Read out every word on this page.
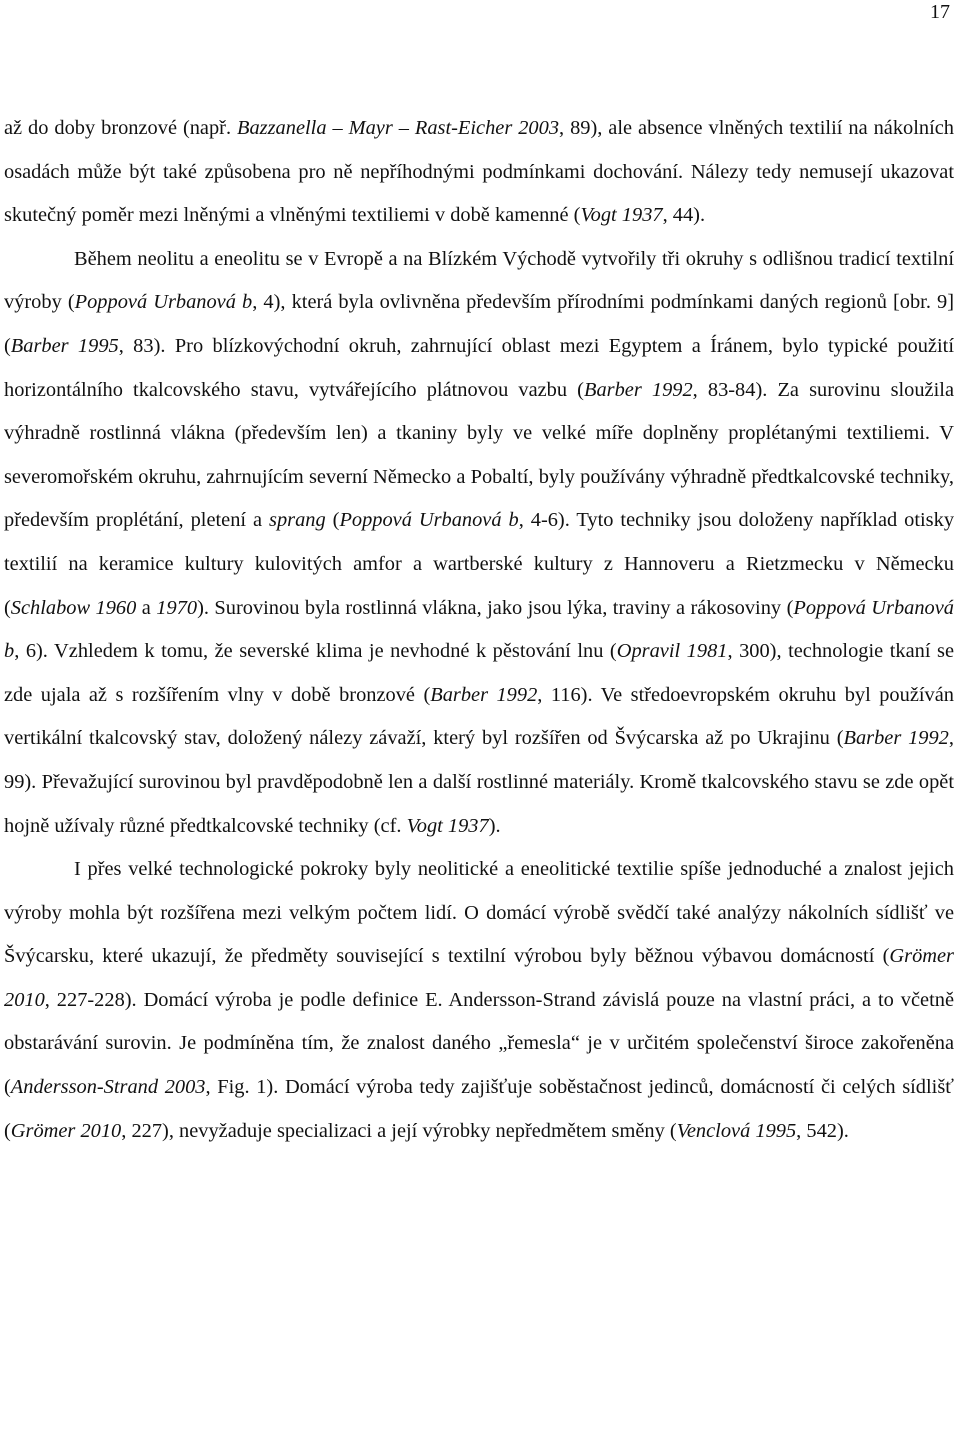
17

až do doby bronzové (např. Bazzanella – Mayr – Rast-Eicher 2003, 89), ale absence vlněných textilií na nákolních osadách může být také způsobena pro ně nepříhodnými podmínkami dochování. Nálezy tedy nemusejí ukazovat skutečný poměr mezi lněnými a vlněnými textiliemi v době kamenné (Vogt 1937, 44).

Během neolitu a eneolitu se v Evropě a na Blízkém Východě vytvořily tři okruhy s odlišnou tradicí textilní výroby (Poppová Urbanová b, 4), která byla ovlivněna především přírodními podmínkami daných regionů [obr. 9] (Barber 1995, 83). Pro blízkovýchodní okruh, zahrnující oblast mezi Egyptem a Íránem, bylo typické použití horizontálního tkalcovského stavu, vytvářejícího plátnovou vazbu (Barber 1992, 83-84). Za surovinu sloužila výhradně rostlinná vlákna (především len) a tkaniny byly ve velké míře doplněny proplétanými textiliemi. V severomořském okruhu, zahrnujícím severní Německo a Pobaltí, byly používány výhradně předtkalcovské techniky, především proplétání, pletení a sprang (Poppová Urbanová b, 4-6). Tyto techniky jsou doloženy například otisky textilií na keramice kultury kulovitých amfor a wartberské kultury z Hannoveru a Rietzmecku v Německu (Schlabow 1960 a 1970). Surovinou byla rostlinná vlákna, jako jsou lýka, traviny a rákosoviny (Poppová Urbanová b, 6). Vzhledem k tomu, že severské klima je nevhodné k pěstování lnu (Opravil 1981, 300), technologie tkaní se zde ujala až s rozšířením vlny v době bronzové (Barber 1992, 116). Ve středoevropském okruhu byl používán vertikální tkalcovský stav, doložený nálezy závaží, který byl rozšířen od Švýcarska až po Ukrajinu (Barber 1992, 99). Převažující surovinou byl pravděpodobně len a další rostlinné materiály. Kromě tkalcovského stavu se zde opět hojně užívaly různé předtkalcovské techniky (cf. Vogt 1937).

I přes velké technologické pokroky byly neolitické a eneolitické textilie spíše jednoduché a znalost jejich výroby mohla být rozšířena mezi velkým počtem lidí. O domácí výrobě svědčí také analýzy nákolních sídlišť ve Švýcarsku, které ukazují, že předměty související s textilní výrobou byly běžnou výbavou domácností (Grömer 2010, 227-228). Domácí výroba je podle definice E. Andersson-Strand závislá pouze na vlastní práci, a to včetně obstarávání surovin. Je podmíněna tím, že znalost daného „řemesla“ je v určitém společenství široce zakořeněna (Andersson-Strand 2003, Fig. 1). Domácí výroba tedy zajišťuje soběstačnost jedinců, domácností či celých sídlišť (Grömer 2010, 227), nevyžaduje specializaci a její výrobky nepředmětem směny (Venclová 1995, 542).
